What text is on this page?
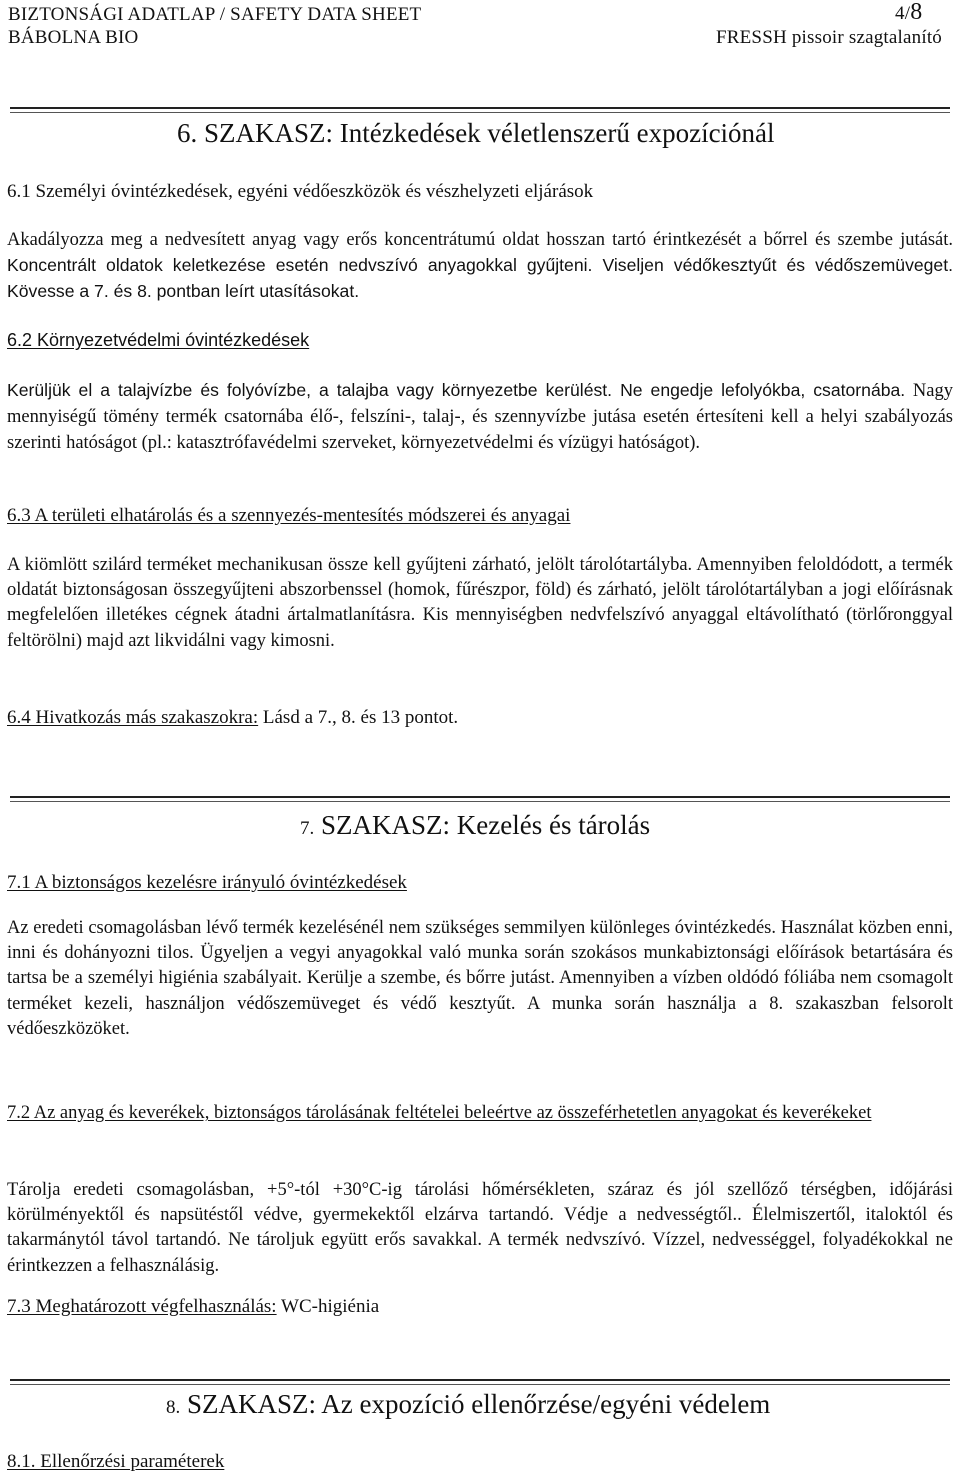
BIZTONSÁGI ADATLAP / SAFETY DATA SHEET	4/8
BÁBOLNA BIO	FRESSH pissoir szagtalanító
6. SZAKASZ: Intézkedések véletlenszerű expozíciónál
6.1 Személyi óvintézkedések, egyéni védőeszközök és vészhelyzeti eljárások
Akadályozza meg a nedvesített anyag vagy erős koncentrátumú oldat hosszan tartó érintkezését a bőrrel és szembe jutását. Koncentrált oldatok keletkezése esetén nedvszívó anyagokkal gyűjteni. Viseljen védőkesztyűt és védőszemüveget. Kövesse a 7. és 8. pontban leírt utasításokat.
6.2 Környezetvédelmi óvintézkedések
Kerüljük el a talajvízbe és folyóvízbe, a talajba vagy környezetbe kerülést. Ne engedje lefolyókba, csatornába. Nagy mennyiségű tömény termék csatornába élő-, felszíni-, talaj-, és szennyvízbe jutása esetén értesíteni kell a helyi szabályozás szerinti hatóságot (pl.: katasztrófavédelmi szerveket, környezetvédelmi és vízügyi hatóságot).
6.3 A területi elhatárolás és a szennyezés-mentesítés módszerei és anyagai
A kiömlött szilárd terméket mechanikusan össze kell gyűjteni zárható, jelölt tárolótartályba. Amennyiben feloldódott, a termék oldatát biztonságosan összegyűjteni abszorbenssel (homok, fűrészpor, föld) és zárható, jelölt tárolótartályban a jogi előírásnak megfelelően illetékes cégnek átadni ártalmatlanításra. Kis mennyiségben nedvfelszívó anyaggal eltávolítható (törlőronggyal feltörölni) majd azt likvidálni vagy kimosni.
6.4 Hivatkozás más szakaszokra: Lásd a 7., 8. és 13 pontot.
7. SZAKASZ: Kezelés és tárolás
7.1 A biztonságos kezelésre irányuló óvintézkedések
Az eredeti csomagolásban lévő termék kezelésénél nem szükséges semmilyen különleges óvintézkedés. Használat közben enni, inni és dohányozni tilos. Ügyeljen a vegyi anyagokkal való munka során szokásos munkabiztonsági előírások betartására és tartsa be a személyi higiénia szabályait. Kerülje a szembe, és bőrre jutást. Amennyiben a vízben oldódó fóliába nem csomagolt terméket kezeli, használjon védőszemüveget és védő kesztyűt. A munka során használja a 8. szakaszban felsorolt védőeszközöket.
7.2 Az anyag és keverékek, biztonságos tárolásának feltételei beleértve az összeférhetetlen anyagokat és keverékeket
Tárolja eredeti csomagolásban, +5°-tól +30°C-ig tárolási hőmérsékleten, száraz és jól szellőző térségben, időjárási körülményektől és napsütéstől védve, gyermekektől elzárva tartandó. Védje a nedvességtől.. Élelmiszertől, italoktól és takarmánytól távol tartandó. Ne tároljuk együtt erős savakkal. A termék nedvszívó. Vízzel, nedvességgel, folyadékokkal ne érintkezzen a felhasználásig.
7.3 Meghatározott végfelhasználás: WC-higiénia
8. SZAKASZ: Az expozíció ellenőrzése/egyéni védelem
8.1. Ellenőrzési paraméterek
